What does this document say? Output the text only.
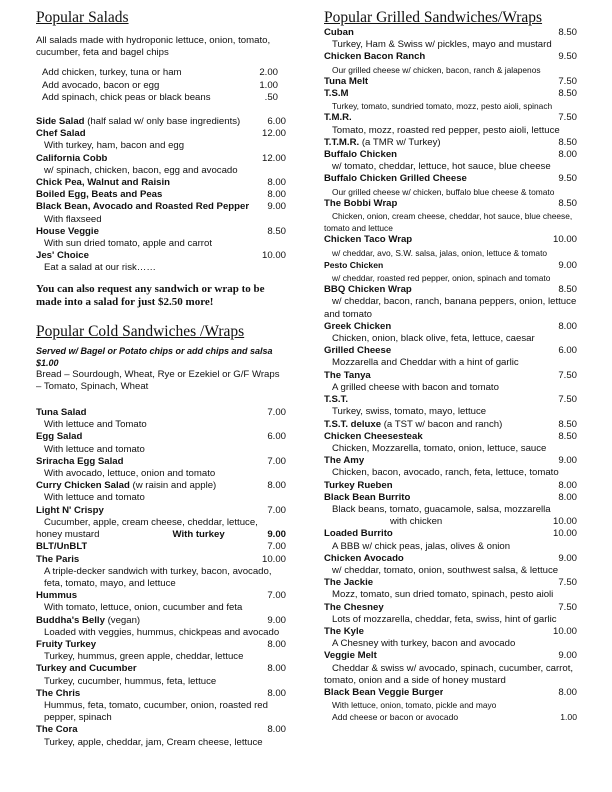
Popular Salads
All salads made with hydroponic lettuce, onion, tomato, cucumber, feta and bagel chips
Add chicken, turkey, tuna or ham	2.00
Add avocado, bacon or egg	1.00
Add spinach, chick peas or black beans	.50
Side Salad (half salad w/ only base ingredients)	6.00
Chef Salad	12.00
With turkey, ham, bacon and egg
California Cobb	12.00
w/ spinach, chicken, bacon, egg and avocado
Chick Pea, Walnut and Raisin	8.00
Boiled Egg, Beats and Peas	8.00
Black Bean, Avocado and Roasted Red Pepper	9.00
With flaxseed
House Veggie	8.50
With sun dried tomato, apple and carrot
Jes' Choice	10.00
Eat a salad at our risk……
You can also request any sandwich or wrap to be made into a salad for just $2.50 more!
Popular Cold Sandwiches /Wraps
Served w/ Bagel or Potato chips or add chips and salsa $1.00
Bread – Sourdough, Wheat, Rye or Ezekiel or G/F Wraps – Tomato, Spinach, Wheat
Tuna Salad	7.00
With lettuce and Tomato
Egg Salad	6.00
With lettuce and tomato
Sriracha Egg Salad	7.00
With avocado, lettuce, onion and tomato
Curry Chicken Salad (w raisin and apple)	8.00
With lettuce and tomato
Light N' Crispy	7.00
Cucumber, apple, cream cheese, cheddar, lettuce,
honey mustard	With turkey	9.00
BLT/UnBLT	7.00
The Paris	10.00
A triple-decker sandwich with turkey, bacon, avocado, feta, tomato, mayo, and lettuce
Hummus	7.00
With tomato, lettuce, onion, cucumber and feta
Buddha's Belly (vegan)	9.00
Loaded with veggies, hummus, chickpeas and avocado
Fruity Turkey	8.00
Turkey, hummus, green apple, cheddar, lettuce
Turkey and Cucumber	8.00
Turkey, cucumber, hummus, feta, lettuce
The Chris	8.00
Hummus, feta, tomato, cucumber, onion, roasted red pepper, spinach
The Cora	8.00
Turkey, apple, cheddar, jam, Cream cheese, lettuce
Popular Grilled Sandwiches/Wraps
Cuban	8.50
Turkey, Ham & Swiss w/ pickles, mayo and mustard
Chicken Bacon Ranch	9.50
Our grilled cheese w/ chicken, bacon, ranch & jalapenos
Tuna Melt	7.50
T.S.M	8.50
Turkey, tomato, sundried tomato, mozz, pesto aioli, spinach
T.M.R.	7.50
Tomato, mozz, roasted red pepper, pesto aioli, lettuce
T.T.M.R. (a TMR w/ Turkey)	8.50
Buffalo Chicken	8.00
w/ tomato, cheddar, lettuce, hot sauce, blue cheese
Buffalo Chicken Grilled Cheese	9.50
Our grilled cheese w/ chicken, buffalo blue cheese & tomato
The Bobbi Wrap	8.50
Chicken, onion, cream cheese, cheddar, hot sauce, blue cheese, tomato and lettuce
Chicken Taco Wrap	10.00
w/ cheddar, avo, S.W. salsa, jalas, onion, lettuce & tomato
Pesto Chicken	9.00
w/ cheddar, roasted red pepper, onion, spinach and tomato
BBQ Chicken Wrap	8.50
w/ cheddar, bacon, ranch, banana peppers, onion, lettuce and tomato
Greek Chicken	8.00
Chicken, onion, black olive, feta, lettuce, caesar
Grilled Cheese	6.00
Mozzarella and Cheddar with a hint of garlic
The Tanya	7.50
A grilled cheese with bacon and tomato
T.S.T.	7.50
Turkey, swiss, tomato, mayo, lettuce
T.S.T. deluxe (a TST w/ bacon and ranch)	8.50
Chicken Cheesesteak	8.50
Chicken, Mozzarella, tomato, onion, lettuce, sauce
The Amy	9.00
Chicken, bacon, avocado, ranch, feta, lettuce, tomato
Turkey Rueben	8.00
Black Bean Burrito	8.00
Black beans, tomato, guacamole, salsa, mozzarella
with chicken	10.00
Loaded Burrito	10.00
A BBB w/ chick peas, jalas, olives & onion
Chicken Avocado	9.00
w/ cheddar, tomato, onion, southwest salsa, & lettuce
The Jackie	7.50
Mozz, tomato, sun dried tomato, spinach, pesto aioli
The Chesney	7.50
Lots of mozzarella, cheddar, feta, swiss, hint of garlic
The Kyle	10.00
A Chesney with turkey, bacon and avocado
Veggie Melt	9.00
Cheddar & swiss w/ avocado, spinach, cucumber, carrot, tomato, onion and a side of honey mustard
Black Bean Veggie Burger	8.00
With lettuce, onion, tomato, pickle and mayo
Add cheese or bacon or avocado	1.00
